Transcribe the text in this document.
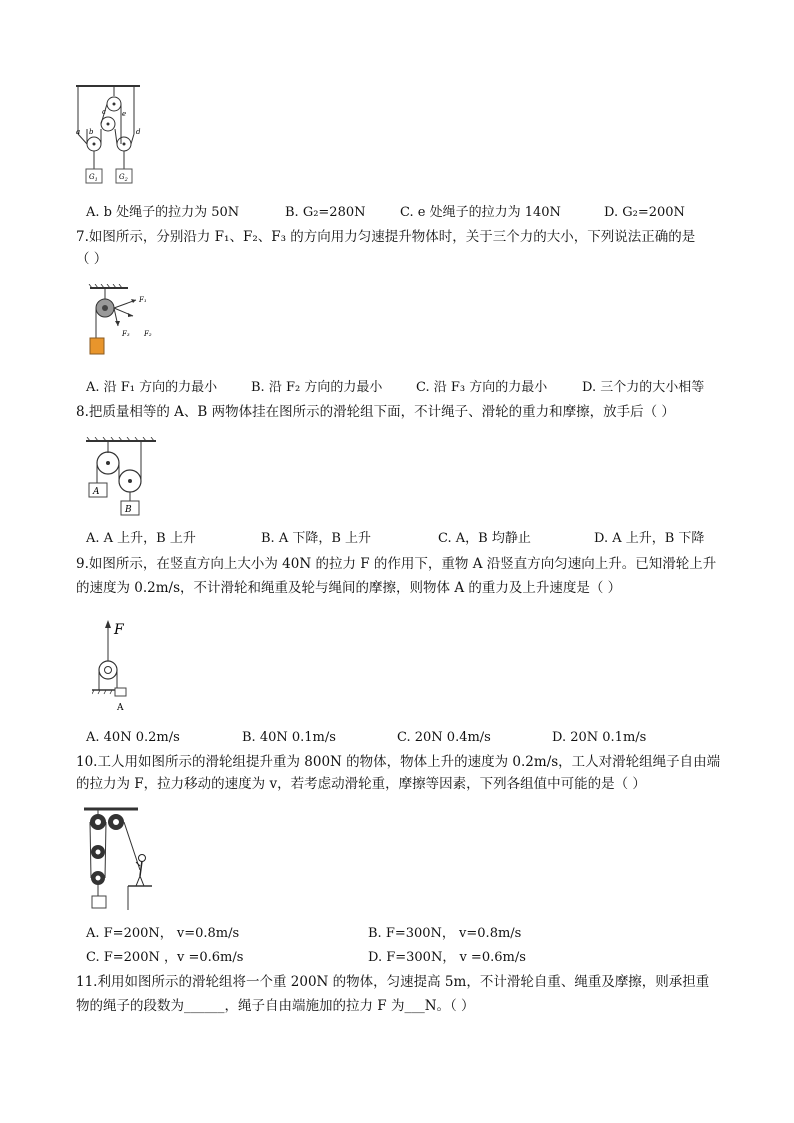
a b
c
d
e
$G_1$	$G_2$
A. b 处绳子的拉力为 50N	B. G₂=280N	C. e 处绳子的拉力为 140N	D. G₂=200N
7.如图所示，分别沿力 F₁、F₂、F₃ 的方向用力匀速提升物体时，关于三个力的大小，下列说法正确的是
（ ）
F₁
F₂
F₃
A. 沿 F₁ 方向的力最小	B. 沿 F₂ 方向的力最小	C. 沿 F₃ 方向的力最小	D. 三个力的大小相等
8.把质量相等的 A、B 两物体挂在图所示的滑轮组下面，不计绳子、滑轮的重力和摩擦，放手后（ ）
A
B
A. A 上升，B 上升	B. A 下降，B 上升	C. A，B 均静止	D. A 上升，B 下降
9.如图所示，在竖直方向上大小为 40N 的拉力 F 的作用下，重物 A 沿竖直方向匀速向上升。已知滑轮上升
的速度为 0.2m/s，不计滑轮和绳重及轮与绳间的摩擦，则物体 A 的重力及上升速度是（ ）
F
A
A. 40N 0.2m/s	B. 40N 0.1m/s	C. 20N 0.4m/s	D. 20N 0.1m/s
10.工人用如图所示的滑轮组提升重为 800N 的物体，物体上升的速度为 0.2m/s，工人对滑轮组绳子自由端
的拉力为 F，拉力移动的速度为 v，若考虑动滑轮重，摩擦等因素，下列各组值中可能的是（ ）
A. F=200N， v=0.8m/s	B. F=300N， v=0.8m/s
C. F=200N ，v =0.6m/s	D. F=300N， v =0.6m/s
11.利用如图所示的滑轮组将一个重 200N 的物体，匀速提高 5m，不计滑轮自重、绳重及摩擦，则承担重
物的绳子的段数为______，绳子自由端施加的拉力 F 为___N。（ ）
